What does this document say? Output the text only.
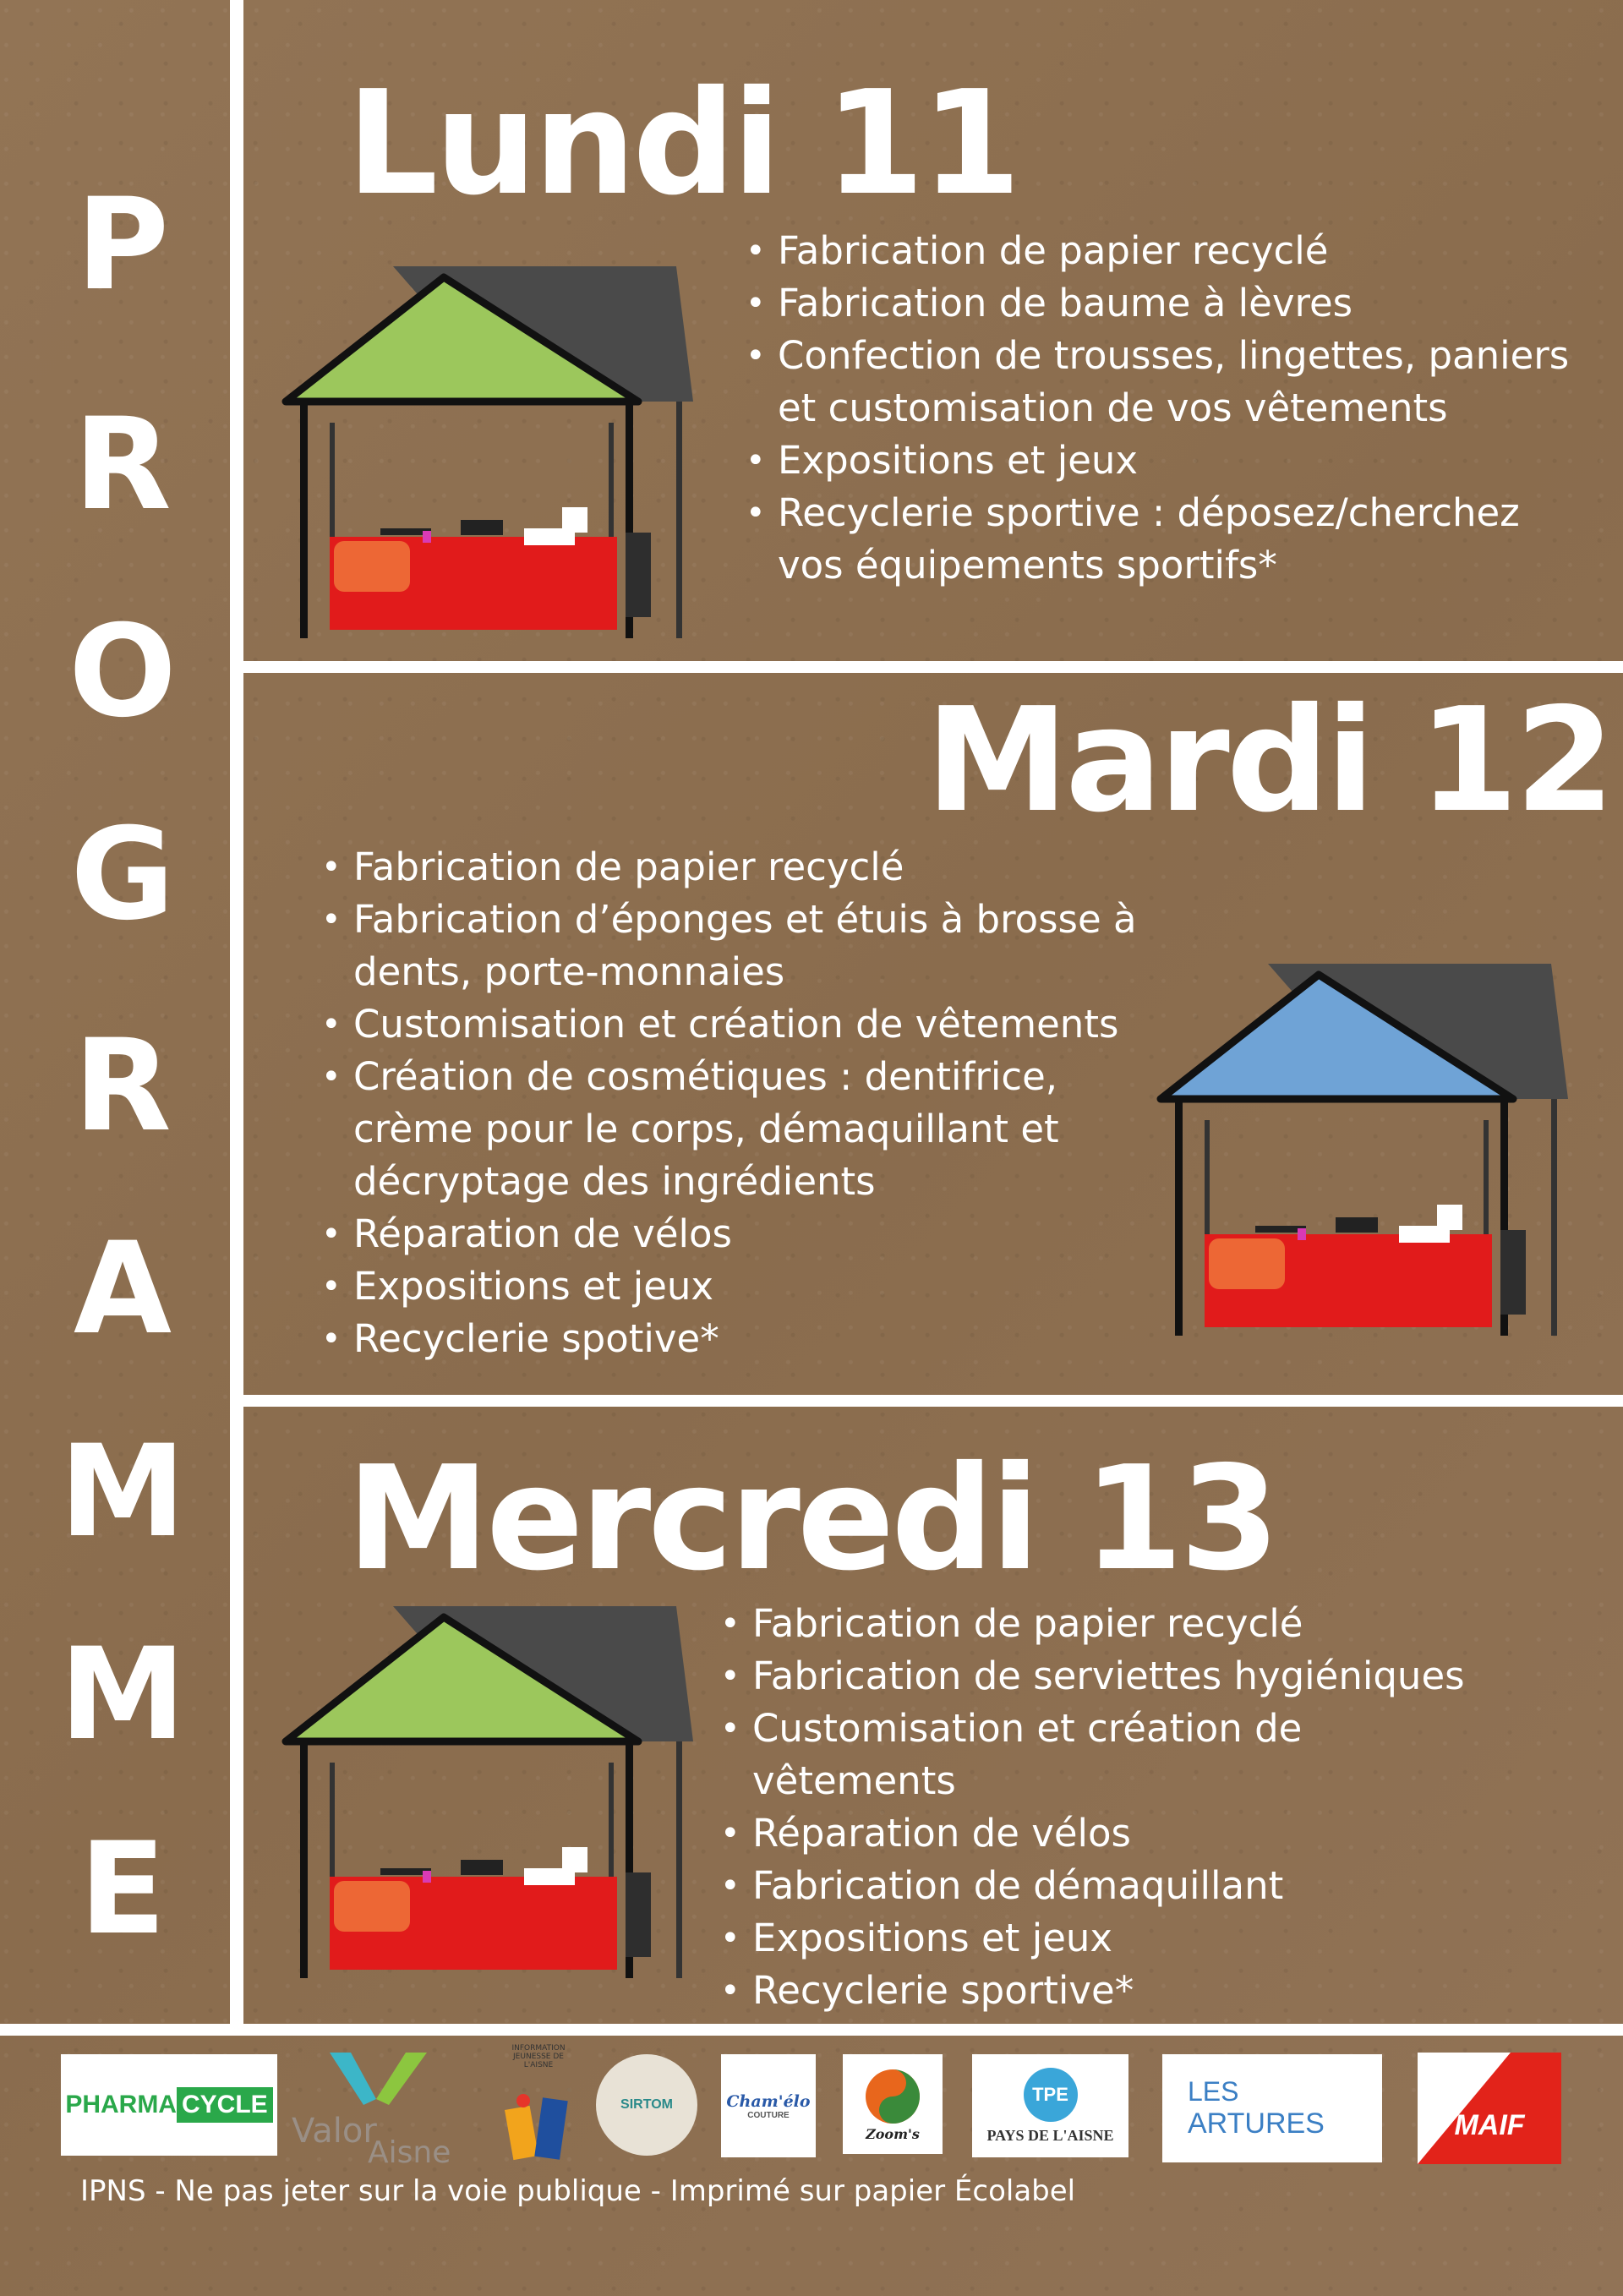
P
R
O
G
R
A
M
M
E
Lundi 11
• Fabrication de papier recyclé
• Fabrication de baume à lèvres
• Confection de trousses, lingettes, paniers et customisation de vos vêtements
• Expositions et jeux
• Recyclerie sportive : déposez/cherchez vos équipements sportifs*
Mardi 12
• Fabrication de papier recyclé
• Fabrication d’éponges et étuis à brosse à dents, porte-monnaies
• Customisation et création de vêtements
• Création de cosmétiques : dentifrice, crème pour le corps, démaquillant et décryptage des ingrédients
• Réparation de vélos
• Expositions et jeux
• Recyclerie spotive*
Mercredi 13
• Fabrication de papier recyclé
• Fabrication de serviettes hygiéniques
• Customisation et création de vêtements
• Réparation de vélos
• Fabrication de démaquillant
• Expositions et jeux
• Recyclerie sportive*
PHARMA CYCLE
Valor
Aisne
INFORMATION JEUNESSE DE L'AISNE
SIRTOM	Cham'élo
COUTURE
Zoom's
TPE
PAYS DE L'AISNE
LES
ARTURES	MAIF
IPNS - Ne pas jeter sur la voie publique - Imprimé sur papier Écolabel
